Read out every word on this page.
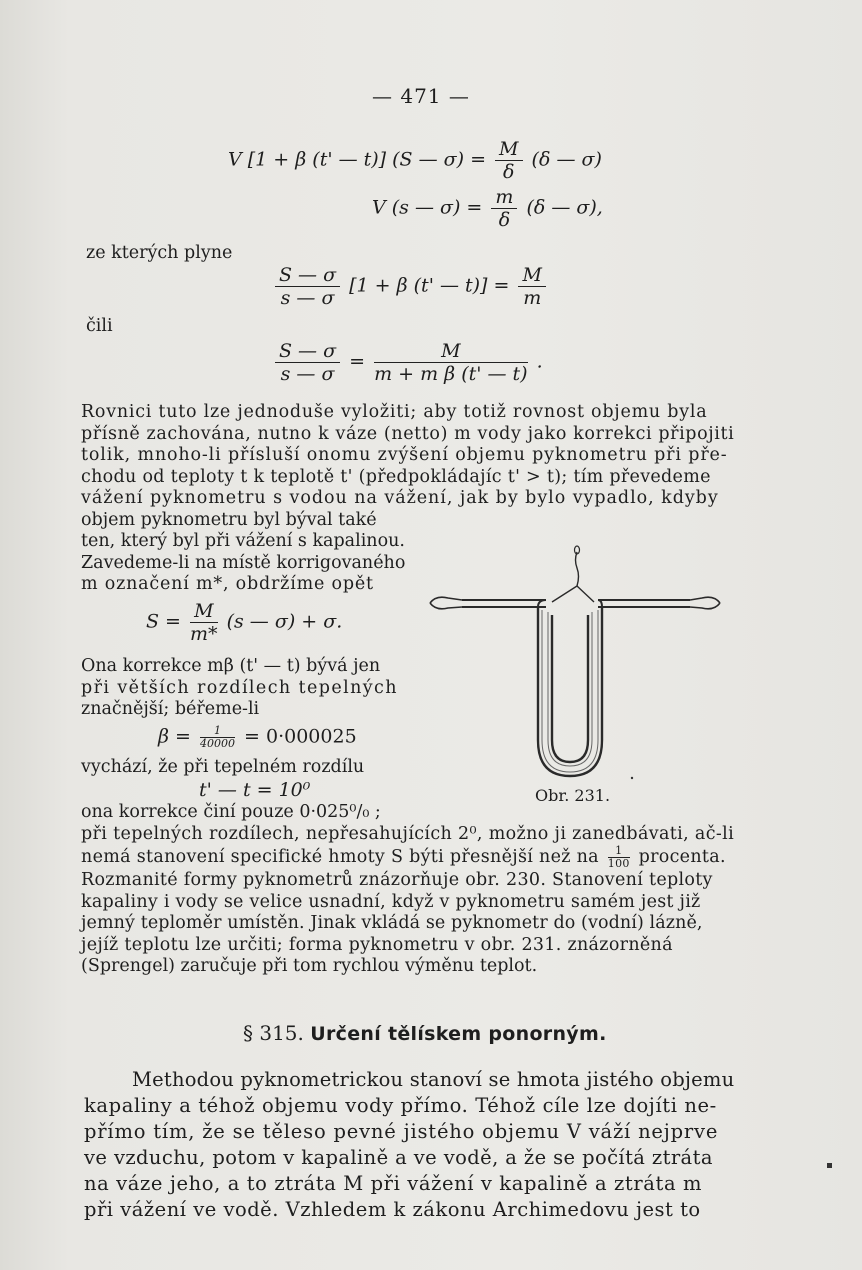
— 471 —
V [1 + β (t' — t)] (S — $\sigma) = \frac{M}{\delta} (\delta$ — σ)
V (s — $\sigma) = \frac{m}{\delta} (\delta$ — σ),
ze kterých plyne
$\frac{S — \sigma}{s — \sigma} [1 + \beta$ (t' — $t)] = \frac{M}{m}$
čili
$\frac{S — \sigma}{s — \sigma} = \frac{M}{\text{m + m β (t' — t)}}$ .
Rovnici tuto lze jednoduše vyložiti; aby totiž rovnost objemu byla
přísně zachována, nutno k váze (netto) m vody jako korrekci připojiti
tolik, mnoho-li přísluší onomu zvýšení objemu pyknometru při pře-
chodu od teploty t k teplotě t' (předpokládajíc t' > t); tím převedeme
vážení pyknometru s vodou na vážení, jak by bylo vypadlo, kdyby
objem pyknometru byl býval také
ten, který byl při vážení s kapalinou.
Zavedeme-li na místě korrigovaného
m označení m*, obdržíme opět
$S = \frac{M}{m*} (s$ — σ) + σ.
Ona korrekce mβ (t' — t) bývá jen
při větších rozdílech tepelných
značnější; béřeme-li
$\beta = \frac{1}{40000} = 0\cdot 000025$
vychází, že při tepelném rozdílu
t' — t = 10⁰
ona korrekce činí pouze 0·025⁰/₀ ;
při tepelných rozdílech, nepřesahujících 2⁰, možno ji zanedbávati, ač-li
nemá stanovení specifické hmoty S býti přesnější než na $\frac{1}{100}$ procenta.
Rozmanité formy pyknometrů znázorňuje obr. 230. Stanovení teploty
kapaliny i vody se velice usnadní, když v pyknometru samém jest již
jemný teploměr umístěn. Jinak vkládá se pyknometr do (vodní) lázně,
jejíž teplotu lze určiti; forma pyknometru v obr. 231. znázorněná
(Sprengel) zaručuje při tom rychlou výměnu teplot.
Obr. 231.
§ 315. Určení tělískem ponorným.
Methodou pyknometrickou stanoví se hmota jistého objemu
kapaliny a téhož objemu vody přímo. Téhož cíle lze dojíti ne-
přímo tím, že se těleso pevné jistého objemu V váží nejprve
ve vzduchu, potom v kapalině a ve vodě, a že se počítá ztráta
na váze jeho, a to ztráta M při vážení v kapalině a ztráta m
při vážení ve vodě. Vzhledem k zákonu Archimedovu jest to
